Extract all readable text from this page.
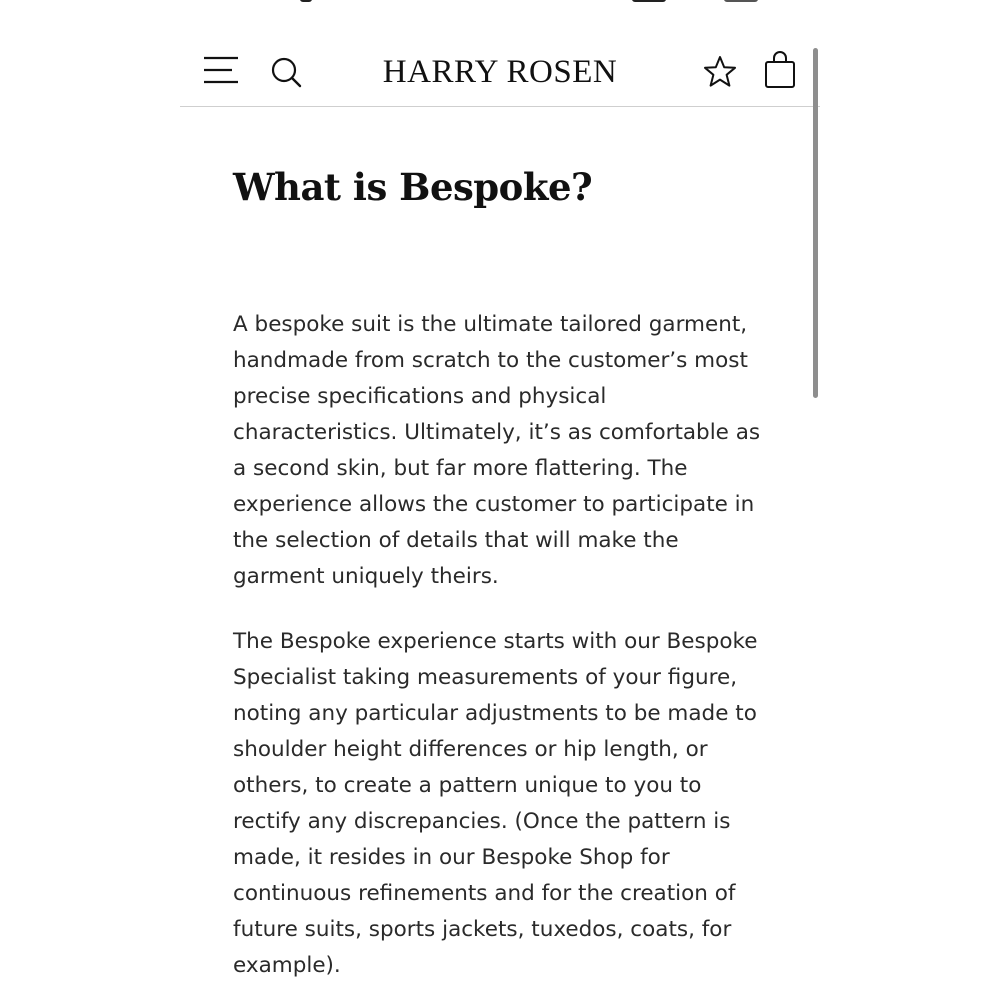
HARRY ROSEN
What is Bespoke?

A bespoke suit is the ultimate tailored garment, handmade from scratch to the customer’s most precise specifications and physical characteristics. Ultimately, it’s as comfortable as a second skin, but far more flattering. The experience allows the customer to participate in the selection of details that will make the garment uniquely theirs.

The Bespoke experience starts with our Bespoke Specialist taking measurements of your figure, noting any particular adjustments to be made to shoulder height differences or hip length, or others, to create a pattern unique to you to rectify any discrepancies. (Once the pattern is made, it resides in our Bespoke Shop for continuous refinements and for the creation of future suits, sports jackets, tuxedos, coats, for example).
